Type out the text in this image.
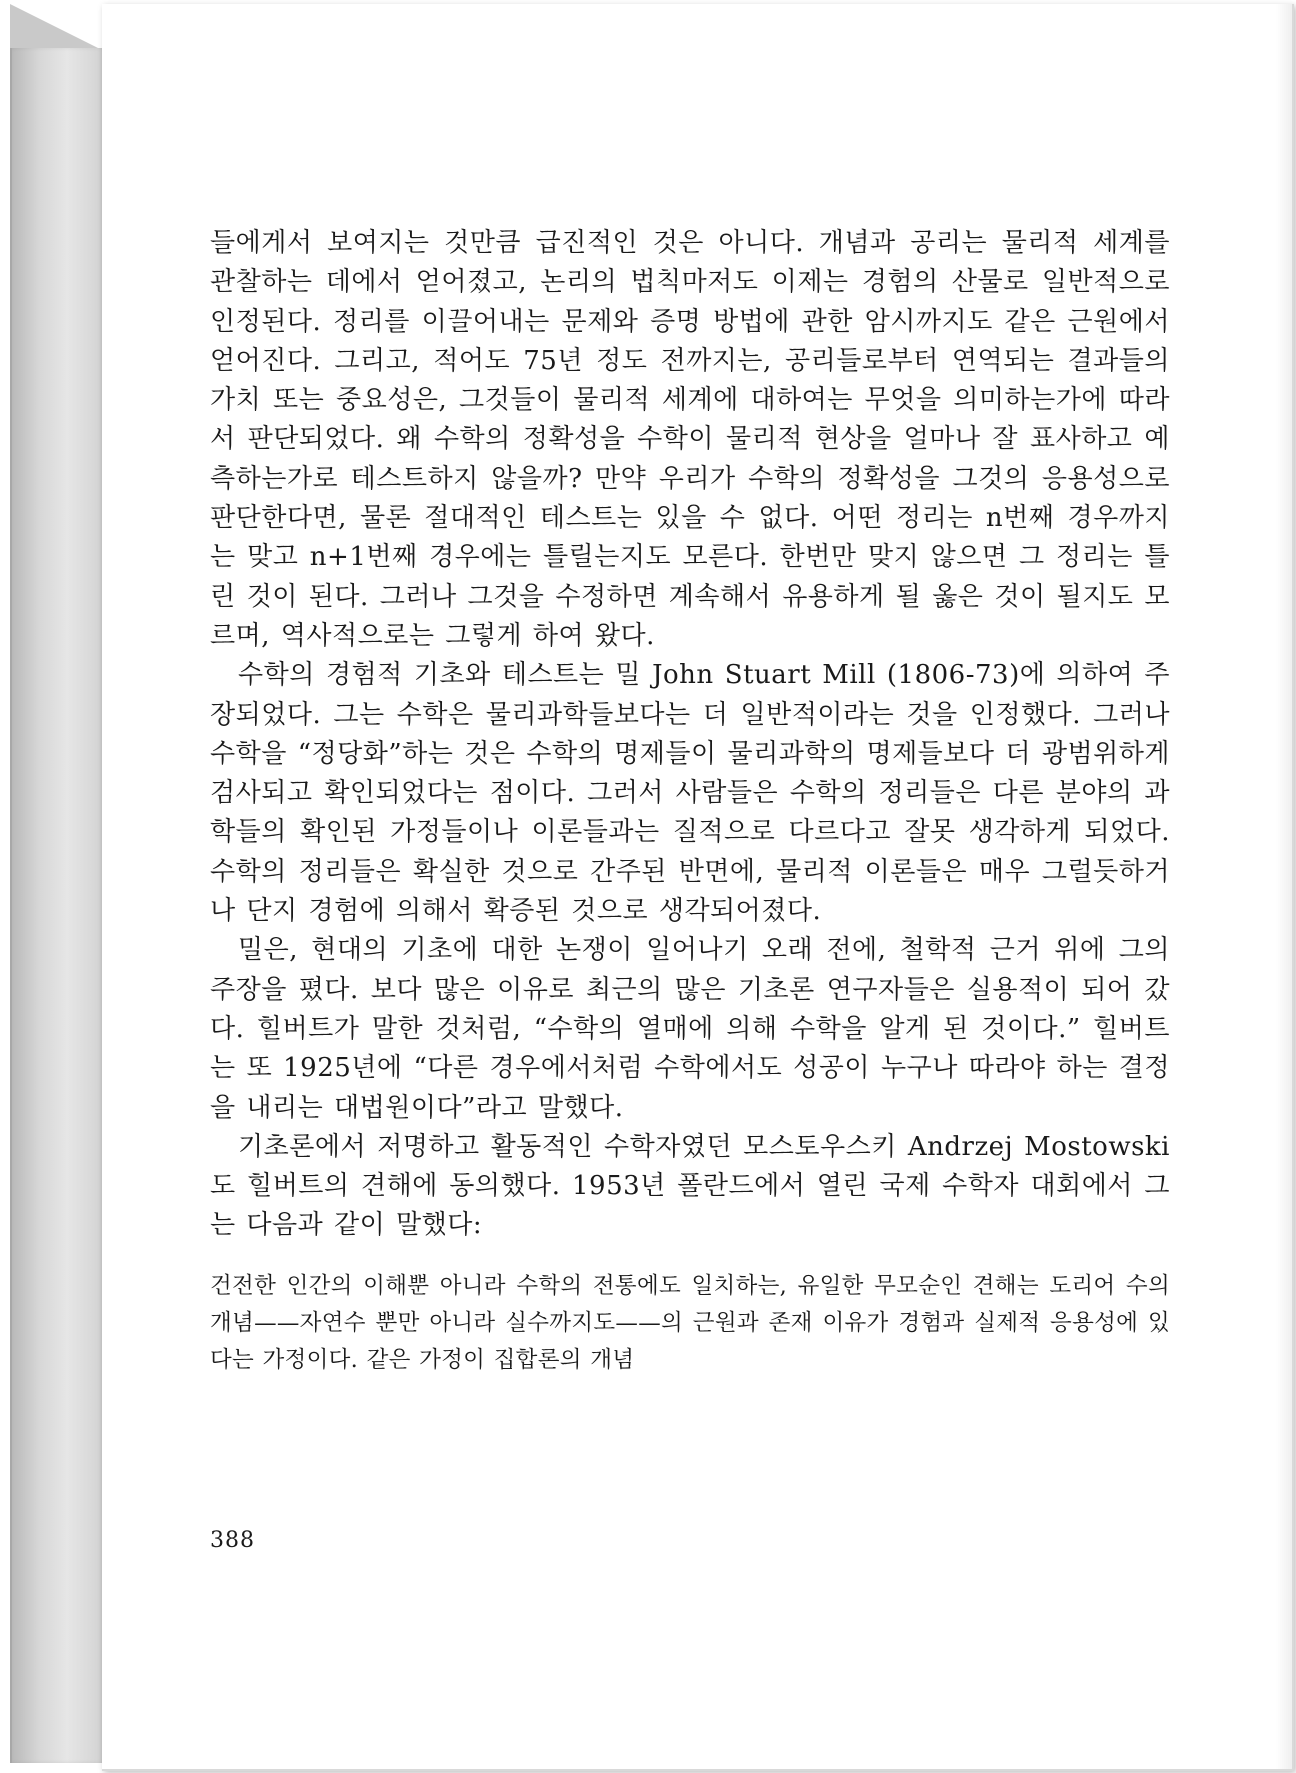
들에게서 보여지는 것만큼 급진적인 것은 아니다. 개념과 공리는 물리적 세계를 관찰하는 데에서 얻어졌고, 논리의 법칙마저도 이제는 경험의 산물로 일반적으로 인정된다. 정리를 이끌어내는 문제와 증명 방법에 관한 암시까지도 같은 근원에서 얻어진다. 그리고, 적어도 75년 정도 전까지는, 공리들로부터 연역되는 결과들의 가치 또는 중요성은, 그것들이 물리적 세계에 대하여는 무엇을 의미하는가에 따라서 판단되었다. 왜 수학의 정확성을 수학이 물리적 현상을 얼마나 잘 표사하고 예측하는가로 테스트하지 않을까? 만약 우리가 수학의 정확성을 그것의 응용성으로 판단한다면, 물론 절대적인 테스트는 있을 수 없다. 어떤 정리는 n번째 경우까지는 맞고 n+1번째 경우에는 틀릴는지도 모른다. 한번만 맞지 않으면 그 정리는 틀린 것이 된다. 그러나 그것을 수정하면 계속해서 유용하게 될 옳은 것이 될지도 모르며, 역사적으로는 그렇게 하여 왔다.

수학의 경험적 기초와 테스트는 밀 John Stuart Mill (1806-73)에 의하여 주장되었다. 그는 수학은 물리과학들보다는 더 일반적이라는 것을 인정했다. 그러나 수학을 “정당화”하는 것은 수학의 명제들이 물리과학의 명제들보다 더 광범위하게 검사되고 확인되었다는 점이다. 그러서 사람들은 수학의 정리들은 다른 분야의 과학들의 확인된 가정들이나 이론들과는 질적으로 다르다고 잘못 생각하게 되었다. 수학의 정리들은 확실한 것으로 간주된 반면에, 물리적 이론들은 매우 그럴듯하거나 단지 경험에 의해서 확증된 것으로 생각되어졌다.

밀은, 현대의 기초에 대한 논쟁이 일어나기 오래 전에, 철학적 근거 위에 그의 주장을 폈다. 보다 많은 이유로 최근의 많은 기초론 연구자들은 실용적이 되어 갔다. 힐버트가 말한 것처럼, “수학의 열매에 의해 수학을 알게 된 것이다.” 힐버트는 또 1925년에 “다른 경우에서처럼 수학에서도 성공이 누구나 따라야 하는 결정을 내리는 대법원이다”라고 말했다.

기초론에서 저명하고 활동적인 수학자였던 모스토우스키 Andrzej Mostowski도 힐버트의 견해에 동의했다. 1953년 폴란드에서 열린 국제 수학자 대회에서 그는 다음과 같이 말했다:

건전한 인간의 이해뿐 아니라 수학의 전통에도 일치하는, 유일한 무모순인 견해는 도리어 수의 개념——자연수 뿐만 아니라 실수까지도——의 근원과 존재 이유가 경험과 실제적 응용성에 있다는 가정이다. 같은 가정이 집합론의 개념

388
